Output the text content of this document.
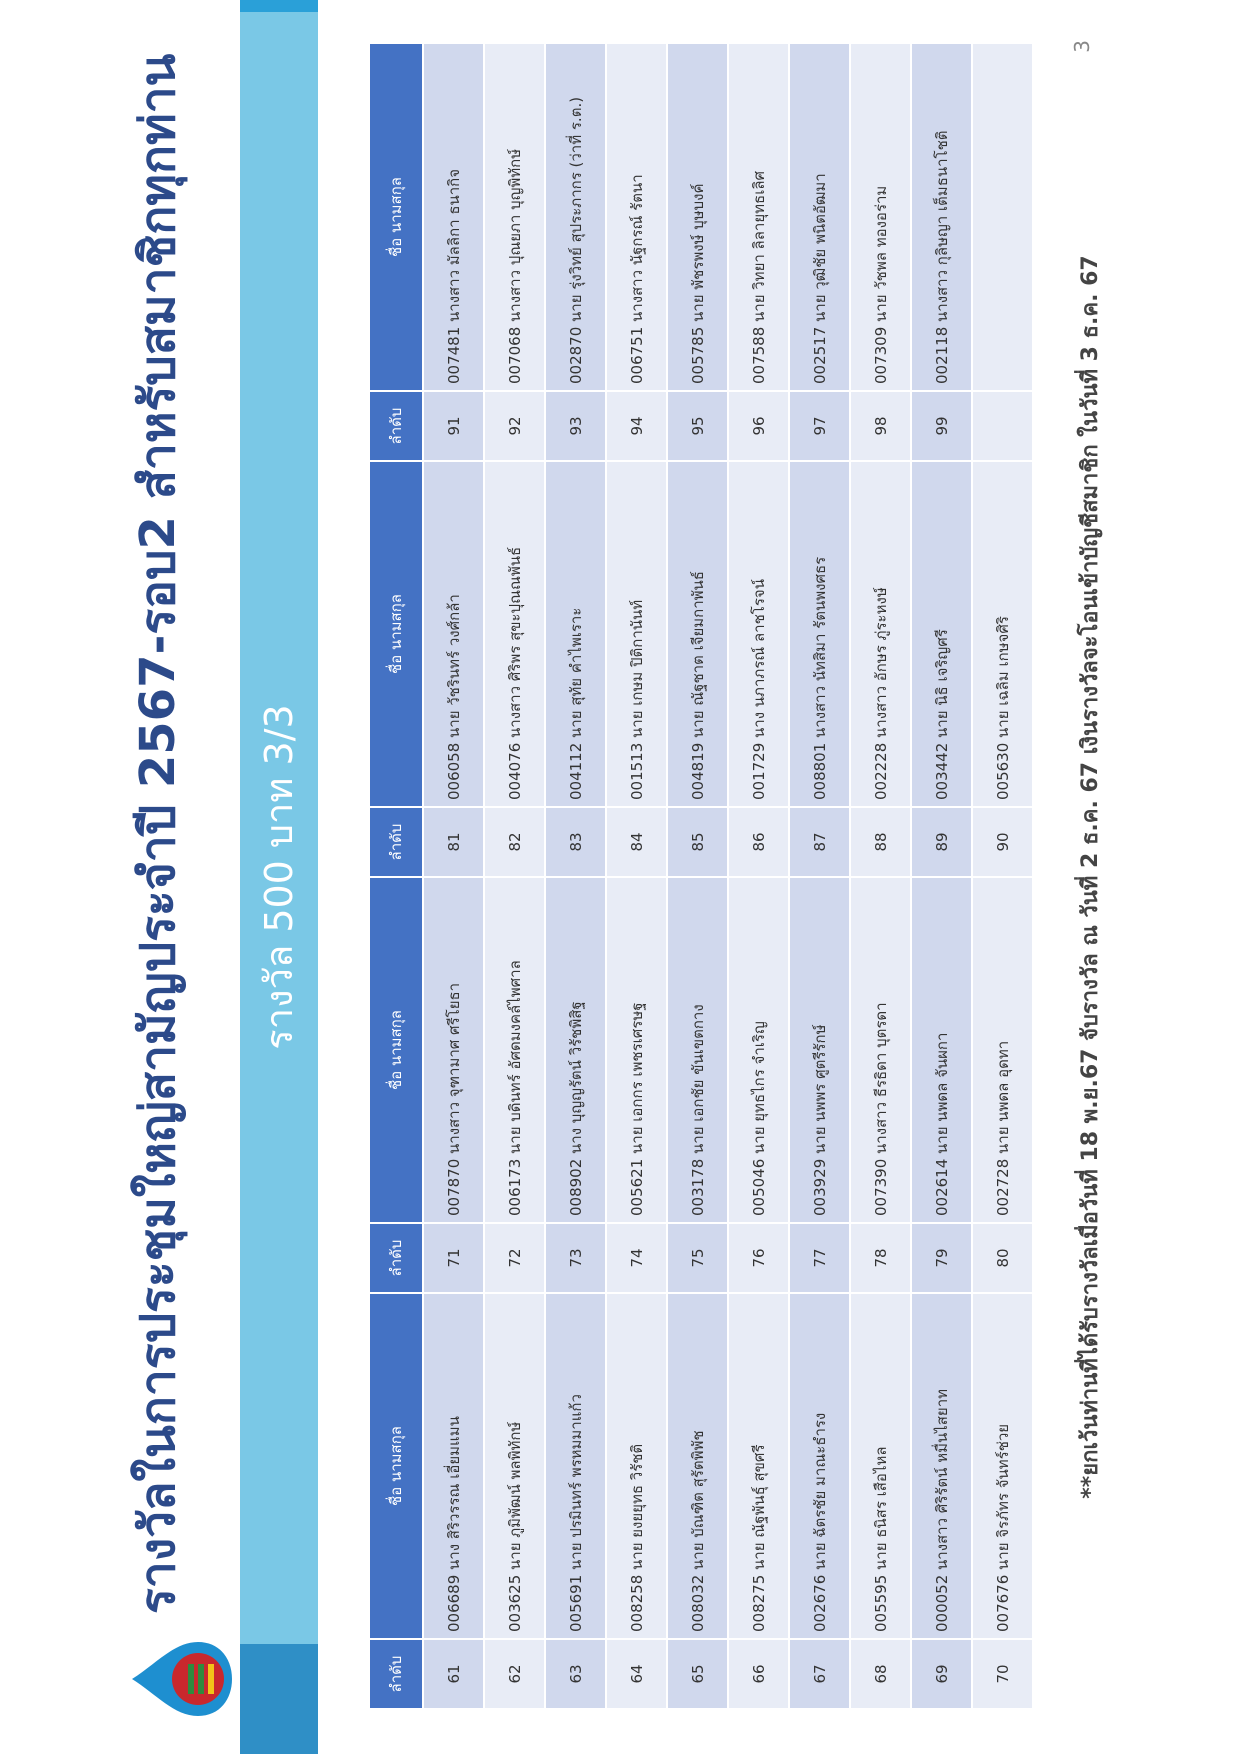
รางวัลในการประชุมใหญ่สามัญประจำปี 2567-รอบ2 สำหรับสมาชิกทุกท่าน	รางวัล 500 บาท 3/3
ลำดับ	ชื่อ นามสกุล	ลำดับ	ชื่อ นามสกุล	ลำดับ	ชื่อ นามสกุล	ลำดับ	ชื่อ นามสกุล
61	006689 นาง สิริวรรณ เอี่ยมแมน	71	007870 นางสาว จุฑามาศ ศรีโยธา	81	006058 นาย วัชรินทร์ วงศ์กล้า	91	007481 นางสาว มัลลิกา ธนากิจ
62	003625 นาย ภูมิพัฒน์ พลพิทักษ์	72	006173 นาย บดินทร์ อัศดมงคล์ไพศาล	82	004076 นางสาว ศิริพร สุขะปุณณพันธ์	92	007068 นางสาว ปุณยภา บุญพิทักษ์
63	005691 นาย ปรมินทร์ พรหมมาแก้ว	73	008902 นาง บุญญรัตน์ วิรัชพิสิฐ	83	004112 นาย สุทัย คำไพเราะ	93	002870 นาย รุ่งวิทย์ สุประภากร (ว่าที่ ร.ต.)
64	008258 นาย ยงยยุทธ วิรัชติ	74	005621 นาย เอกกร เพชรเศรษฐ	84	001513 นาย เกษม ปิติกานันท์	94	006751 นางสาว นัฐกรณ์ รัตนา
65	008032 นาย บัณฑิต สุรัตพิพัช	75	003178 นาย เอกชัย ขันเขตกาง	85	004819 นาย ณัฐชาต เจียมกาพันธ์	95	005785 นาย พัชรพงษ์ บุษบงค์
66	008275 นาย ณัฐพันธุ์ สุขศรี	76	005046 นาย ยุทธไกร จำเริญ	86	001729 นาง นภาภรณ์ ลาชโรจน์	96	007588 นาย วิทยา ลิลายุทธเลิศ
67	002676 นาย ฉัตรชัย มาณะธำรง	77	003929 นาย นพพร ศูตรีรักษ์	87	008801 นางสาว นัทสิมา รัตนพงศธร	97	002517 นาย วุฒิชัย พนิตอัฒมา
68	005595 นาย ธนิสร เสือไหล	78	007390 นางสาว ธีรธิดา บุตรดา	88	002228 นางสาว อักษร ภู่ระหงษ์	98	007309 นาย วัชพล ทองอร่าม
69	000052 นางสาว ศิริรัตน์ หมื่นไสยาท	79	002614 นาย นพดล จันผกา	89	003442 นาย นิธิ เจริญศรี	99	002118 นางสาว กุลิษญา เต็มธนาโชติ
70	007676 นาย จิรภัทร จันทร์ช่วย	80	002728 นาย นพดล อุดทา	90	005630 นาย เฉลิม เกษจศิริ			**ยกเว้นท่านที่ได้รับรางวัลเมื่อวันที่ 18 พ.ย.67 จับรางวัล ณ วันที่ 2 ธ.ค. 67 เงินรางวัลจะโอนเข้าบัญชีสมาชิก ในวันที่ 3 ธ.ค. 67
3
